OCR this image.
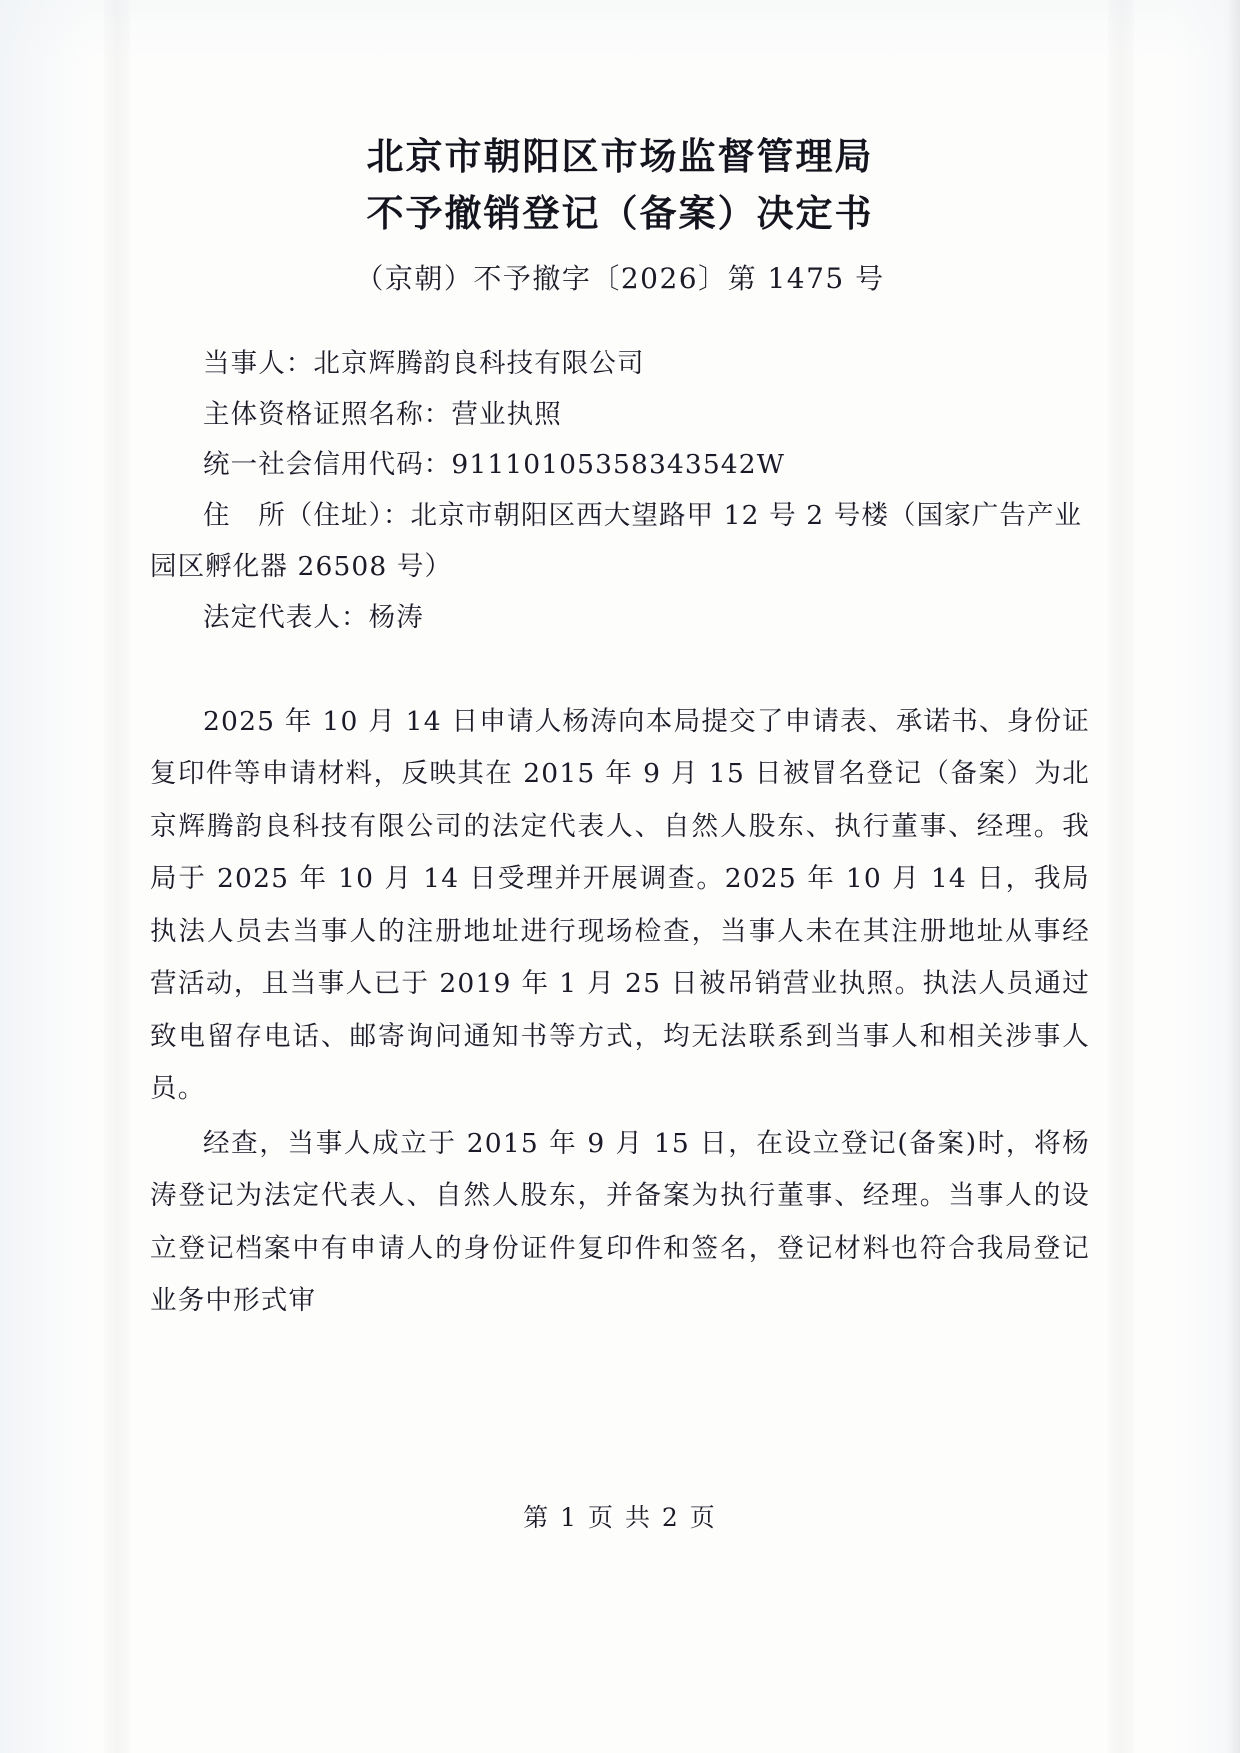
北京市朝阳区市场监督管理局
不予撤销登记（备案）决定书
（京朝）不予撤字〔2026〕第 1475 号
当事人：北京辉腾韵良科技有限公司
主体资格证照名称：营业执照
统一社会信用代码：91110105358343542W
住　所（住址）：北京市朝阳区西大望路甲 12 号 2 号楼（国家广告产业园区孵化器 26508 号）
法定代表人：杨涛

2025 年 10 月 14 日申请人杨涛向本局提交了申请表、承诺书、身份证复印件等申请材料，反映其在 2015 年 9 月 15 日被冒名登记（备案）为北京辉腾韵良科技有限公司的法定代表人、自然人股东、执行董事、经理。我局于 2025 年 10 月 14 日受理并开展调查。2025 年 10 月 14 日，我局执法人员去当事人的注册地址进行现场检查，当事人未在其注册地址从事经营活动，且当事人已于 2019 年 1 月 25 日被吊销营业执照。执法人员通过致电留存电话、邮寄询问通知书等方式，均无法联系到当事人和相关涉事人员。

经查，当事人成立于 2015 年 9 月 15 日，在设立登记(备案)时，将杨涛登记为法定代表人、自然人股东，并备案为执行董事、经理。当事人的设立登记档案中有申请人的身份证件复印件和签名，登记材料也符合我局登记业务中形式审

第 1 页 共 2 页
